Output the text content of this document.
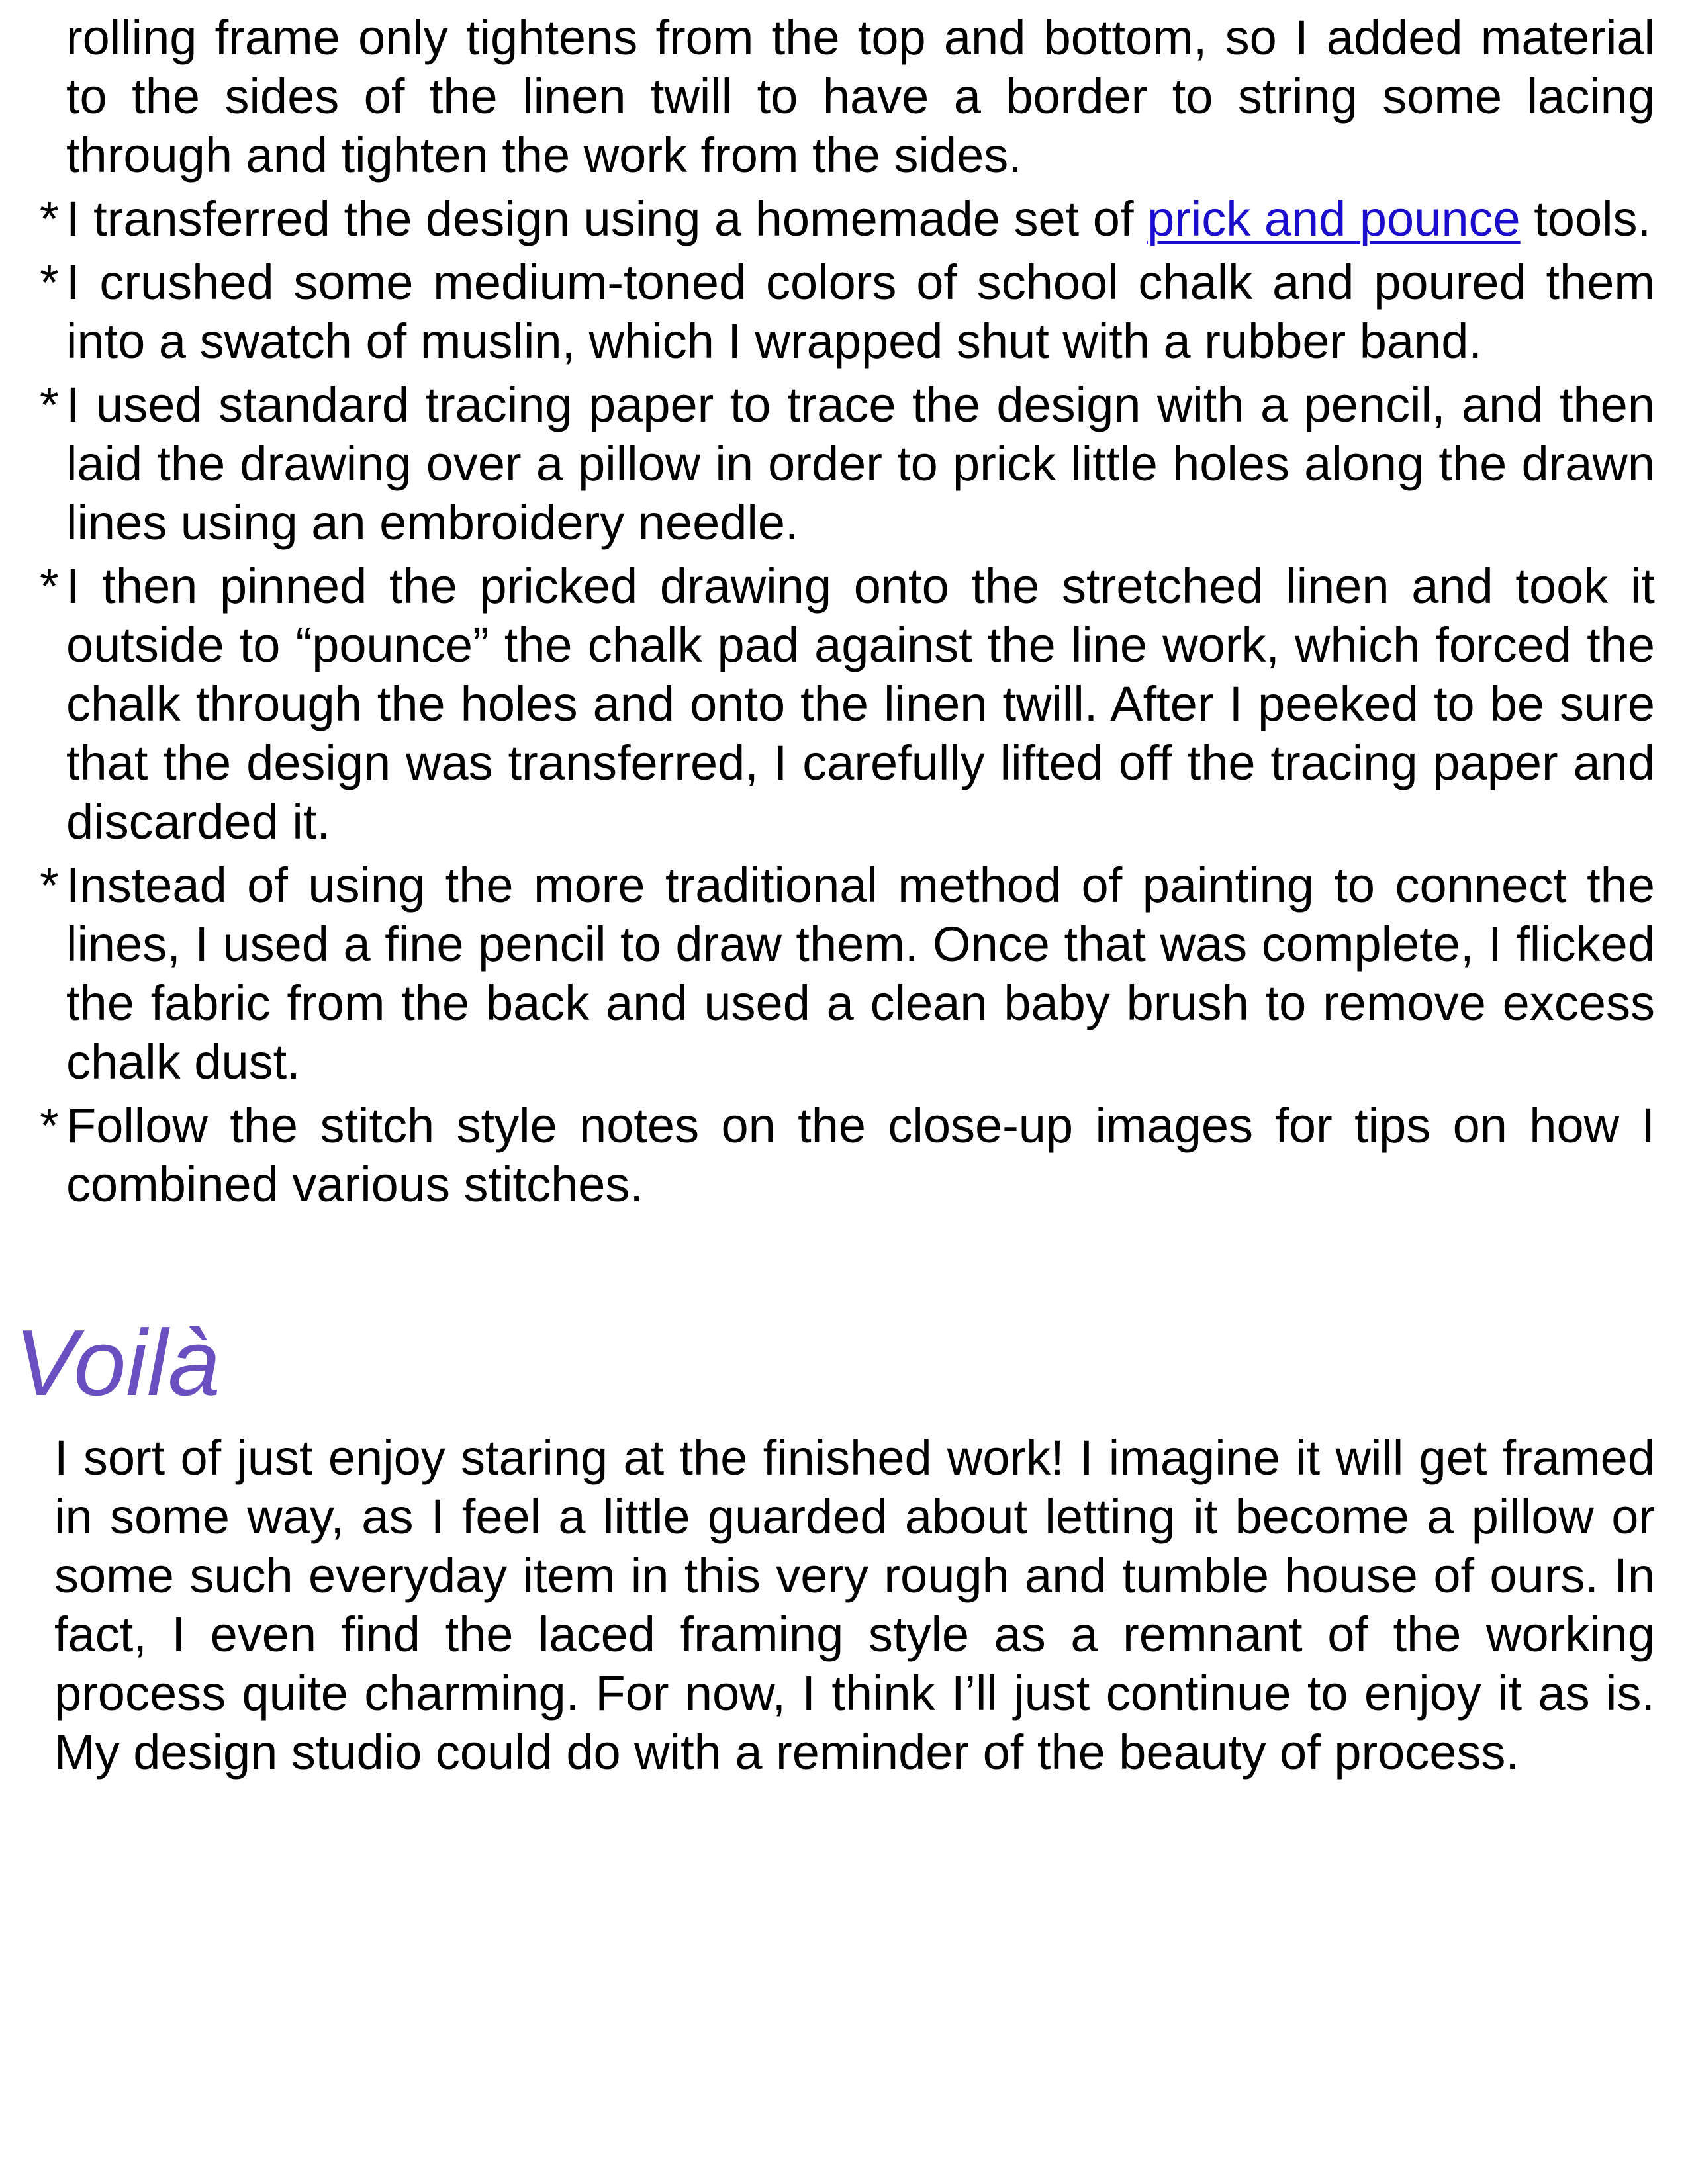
rolling frame only tightens from the top and bottom, so I added material to the sides of the linen twill to have a border to string some lacing through and tighten the work from the sides.
* I transferred the design using a homemade set of prick and pounce tools.
* I crushed some medium-toned colors of school chalk and poured them into a swatch of muslin, which I wrapped shut with a rubber band.
* I used standard tracing paper to trace the design with a pencil, and then laid the drawing over a pillow in order to prick little holes along the drawn lines using an embroidery needle.
* I then pinned the pricked drawing onto the stretched linen and took it outside to “pounce” the chalk pad against the line work, which forced the chalk through the holes and onto the linen twill. After I peeked to be sure that the design was transferred, I carefully lifted off the tracing paper and discarded it.
* Instead of using the more traditional method of painting to connect the lines, I used a fine pencil to draw them. Once that was complete, I flicked the fabric from the back and used a clean baby brush to remove excess chalk dust.
* Follow the stitch style notes on the close-up images for tips on how I combined various stitches.
Voilà

I sort of just enjoy staring at the finished work! I imagine it will get framed in some way, as I feel a little guarded about letting it become a pillow or some such everyday item in this very rough and tumble house of ours. In fact, I even find the laced framing style as a remnant of the working process quite charming. For now, I think I’ll just continue to enjoy it as is. My design studio could do with a reminder of the beauty of process.
